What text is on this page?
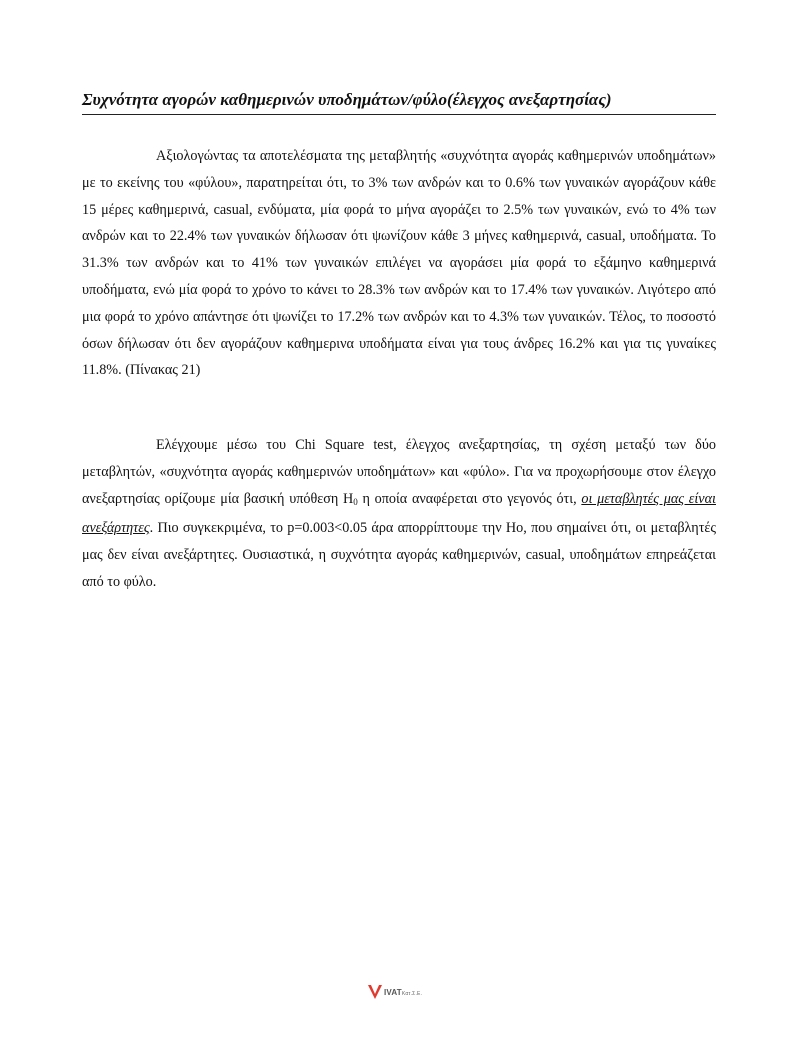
Συχνότητα αγορών καθημερινών υποδημάτων/φύλο(έλεγχος ανεξαρτησίας)

Αξιολογώντας τα αποτελέσματα της μεταβλητής «συχνότητα αγοράς καθημερινών υποδημάτων» με το εκείνης του «φύλου», παρατηρείται ότι, το 3% των ανδρών και το 0.6% των γυναικών αγοράζουν κάθε 15 μέρες καθημερινά, casual, ενδύματα, μία φορά το μήνα αγοράζει το 2.5% των γυναικών, ενώ το 4% των ανδρών και το 22.4% των γυναικών δήλωσαν ότι ψωνίζουν κάθε 3 μήνες καθημερινά, casual, υποδήματα. Το 31.3% των ανδρών και το 41% των γυναικών επιλέγει να αγοράσει μία φορά το εξάμηνο καθημερινά υποδήματα, ενώ μία φορά το χρόνο το κάνει το 28.3% των ανδρών και το 17.4% των γυναικών. Λιγότερο από μια φορά το χρόνο απάντησε ότι ψωνίζει το 17.2% των ανδρών και το 4.3% των γυναικών. Τέλος, το ποσοστό όσων δήλωσαν ότι δεν αγοράζουν καθημερινα υποδήματα είναι για τους άνδρες 16.2% και για τις γυναίκες 11.8%. (Πίνακας 21)

Ελέγχουμε μέσω του Chi Square test, έλεγχος ανεξαρτησίας, τη σχέση μεταξύ των δύο μεταβλητών, «συχνότητα αγοράς καθημερινών υποδημάτων» και «φύλο». Για να προχωρήσουμε στον έλεγχο ανεξαρτησίας ορίζουμε μία βασική υπόθεση $H_0$ η οποία αναφέρεται στο γεγονός ότι, οι μεταβλητές μας είναι ανεξάρτητες. Πιο συγκεκριμένα, το p=0.003<0.05 άρα απορρίπτουμε την Ηο, που σημαίνει ότι, οι μεταβλητές μας δεν είναι ανεξάρτητες. Ουσιαστικά, η συχνότητα αγοράς καθημερινών, casual, υποδημάτων επηρεάζεται από το φύλο.

IVATΚατ.Σ.Ε.
